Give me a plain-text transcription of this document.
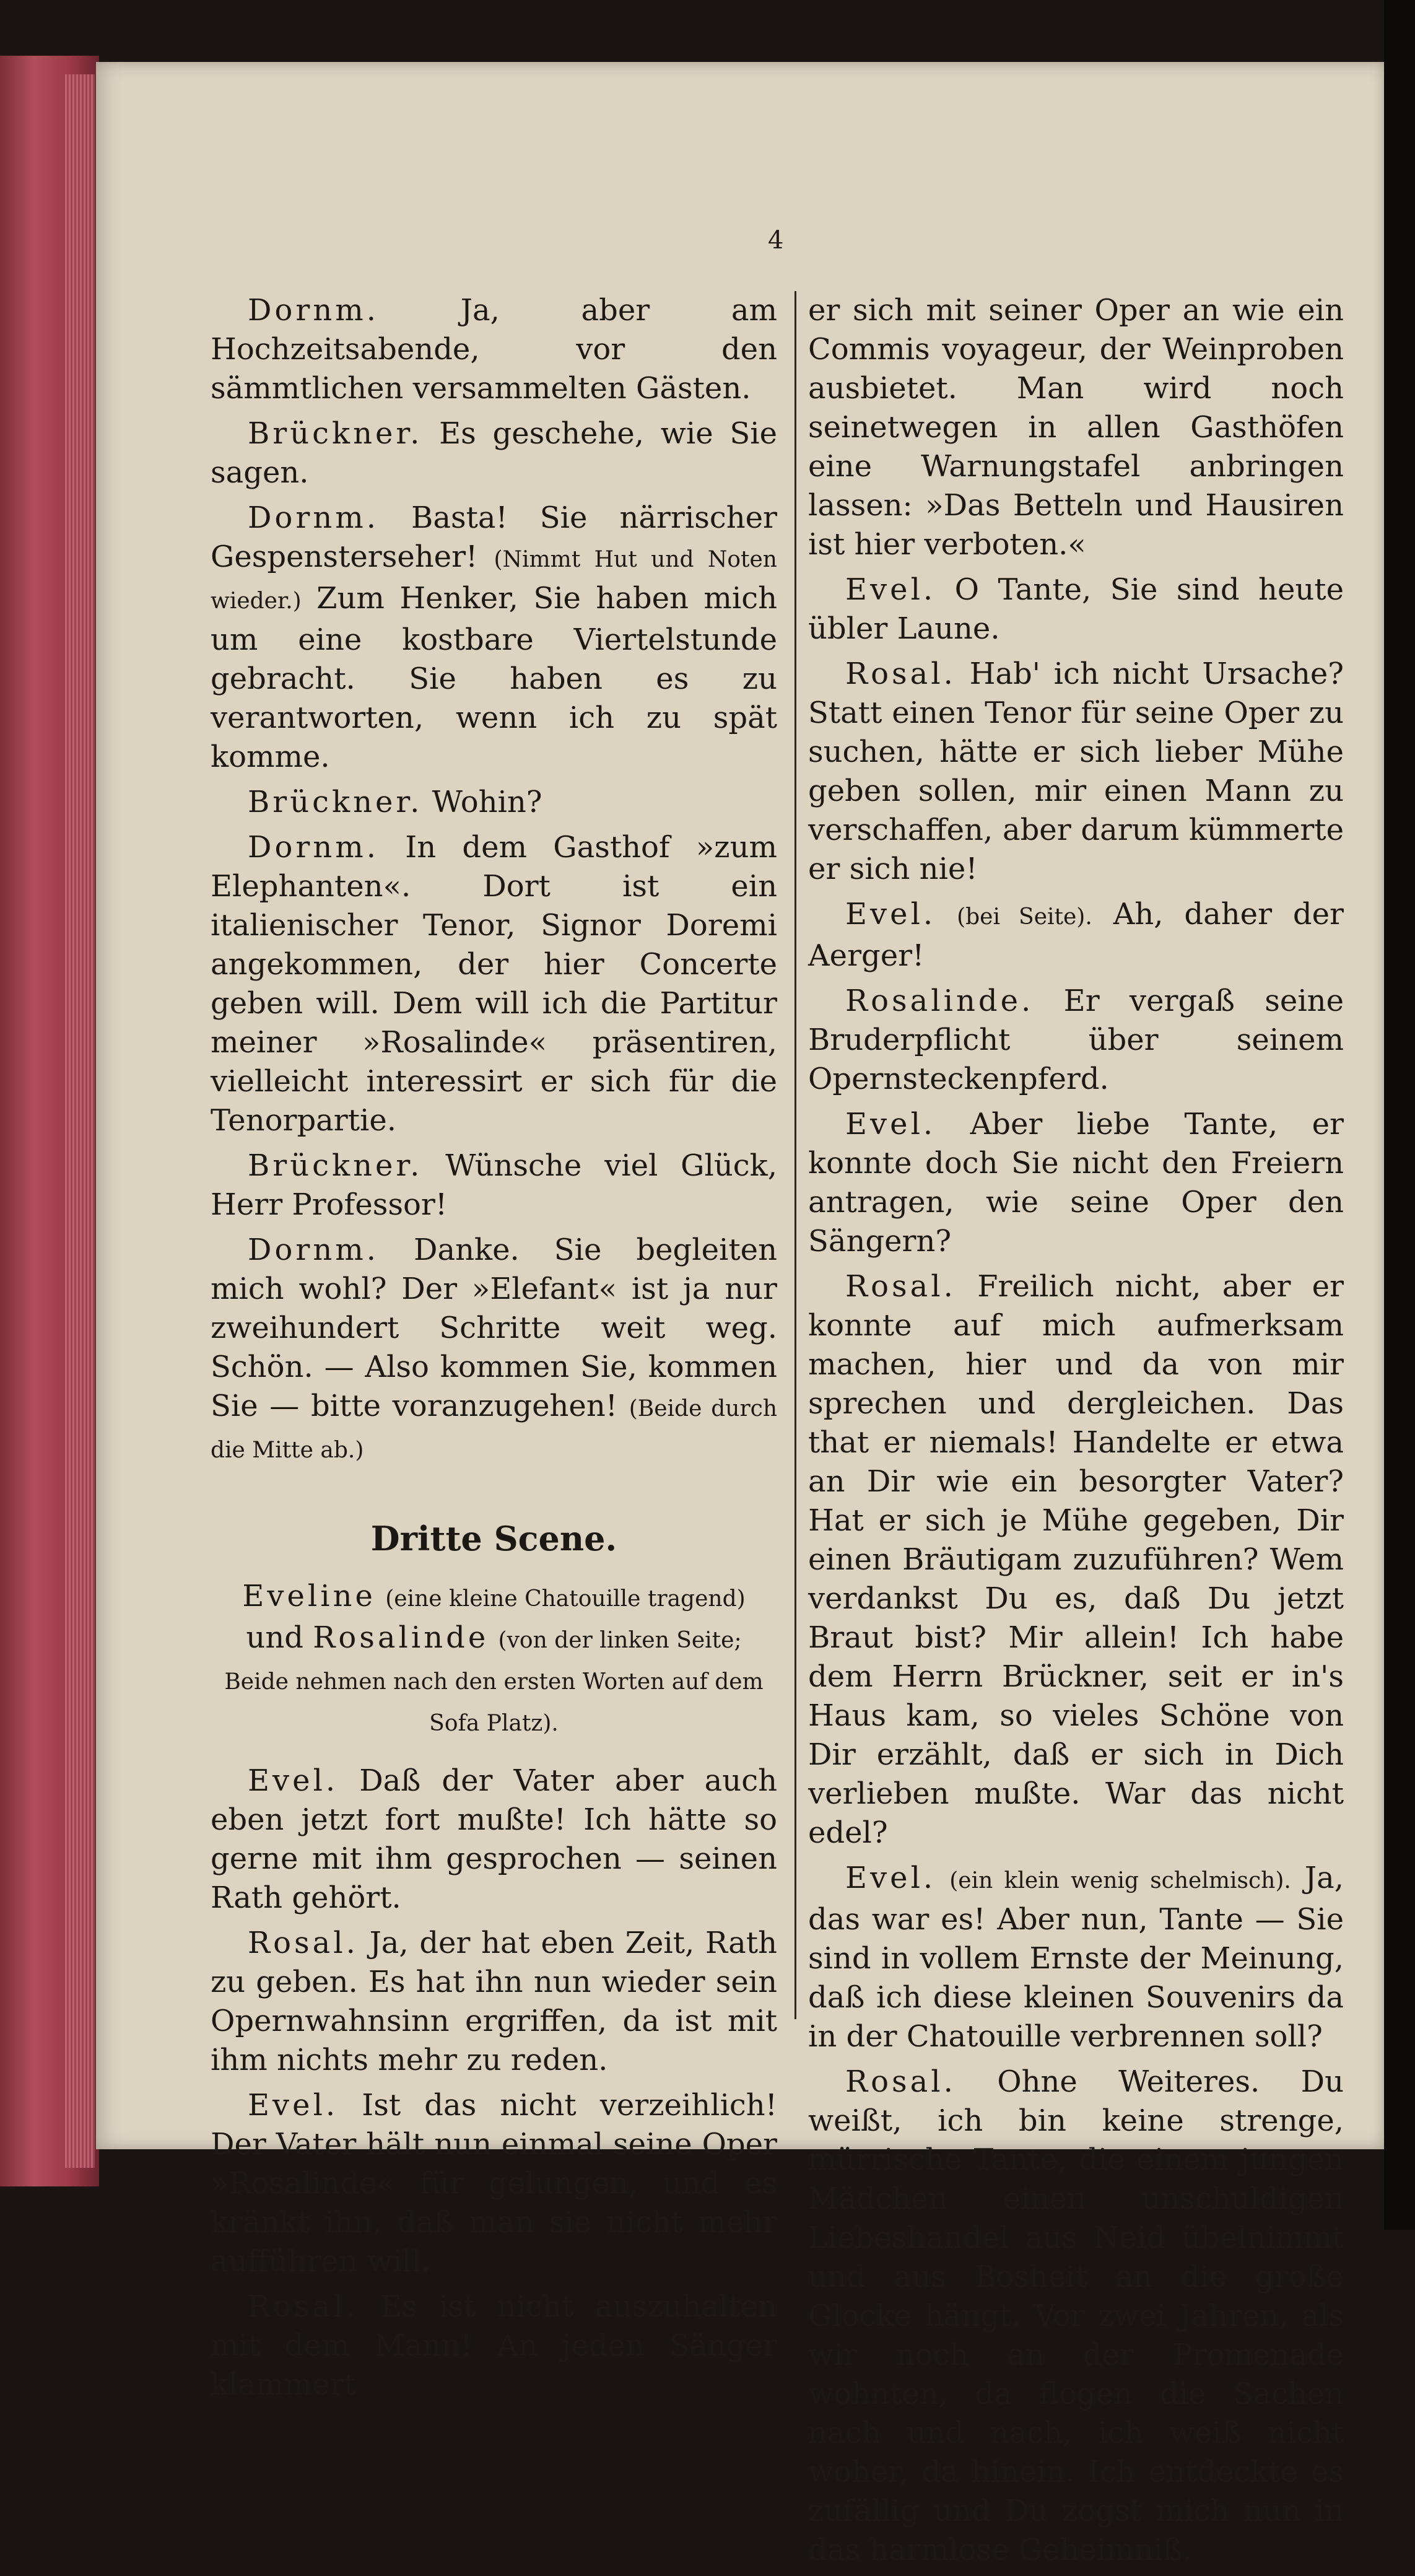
4

Dornm.	Ja, aber am Hochzeitsabende, vor den sämmtlichen versammelten Gästen.

Brückner. Es geschehe, wie Sie sagen.

Dornm. Basta! Sie närrischer Gespensterseher! (Nimmt Hut und Noten wieder.) Zum Henker, Sie haben mich um eine kostbare Viertelstunde gebracht. Sie haben es zu verantworten, wenn ich zu spät komme.

Brückner. Wohin?

Dornm. In dem Gasthof »zum Elephanten«. Dort ist ein italienischer Tenor, Signor Doremi angekommen, der hier Concerte geben will. Dem will ich die Partitur meiner »Rosalinde« präsentiren, vielleicht interessirt er sich für die Tenorpartie.

Brückner. Wünsche viel Glück, Herr Professor!

Dornm. Danke. Sie begleiten mich wohl? Der »Elefant« ist ja nur zweihundert Schritte weit weg. Schön. — Also kommen Sie, kommen Sie — bitte voranzugehen! (Beide durch die Mitte ab.)

Dritte Scene.

Eveline (eine kleine Chatouille tragend) und Rosalinde (von der linken Seite; Beide nehmen nach den ersten Worten auf dem Sofa Platz).

Evel. Daß der Vater aber auch eben jetzt fort mußte! Ich hätte so gerne mit ihm gesprochen — seinen Rath gehört.

Rosal. Ja, der hat eben Zeit, Rath zu geben. Es hat ihn nun wieder sein Opernwahnsinn ergriffen, da ist mit ihm nichts mehr zu reden.

Evel. Ist das nicht verzeihlich! Der Vater hält nun einmal seine Oper »Rosalinde« für gelungen, und es kränkt ihn, daß man sie nicht mehr aufführen will.

Rosal. Es ist nicht auszuhalten mit dem Mann! An jeden Sänger klammert

er sich mit seiner Oper an wie ein Commis voyageur, der Weinproben ausbietet. Man wird noch seinetwegen in allen Gasthöfen eine Warnungstafel anbringen lassen: »Das Betteln und Hausiren ist hier verboten.«

Evel. O Tante, Sie sind heute übler Laune.

Rosal. Hab' ich nicht Ursache? Statt einen Tenor für seine Oper zu suchen, hätte er sich lieber Mühe geben sollen, mir einen Mann zu verschaffen, aber darum kümmerte er sich nie!

Evel. (bei Seite). Ah, daher der Aerger!

Rosalinde. Er vergaß seine Bruderpflicht über seinem Opernsteckenpferd.

Evel. Aber liebe Tante, er konnte doch Sie nicht den Freiern antragen, wie seine Oper den Sängern?

Rosal. Freilich nicht, aber er konnte auf mich aufmerksam machen, hier und da von mir sprechen und dergleichen. Das that er niemals! Handelte er etwa an Dir wie ein besorgter Vater? Hat er sich je Mühe gegeben, Dir einen Bräutigam zuzuführen? Wem verdankst Du es, daß Du jetzt Braut bist? Mir allein! Ich habe dem Herrn Brückner, seit er in's Haus kam, so vieles Schöne von Dir erzählt, daß er sich in Dich verlieben mußte. War das nicht edel?

Evel. (ein klein wenig schelmisch). Ja, das war es! Aber nun, Tante — Sie sind in vollem Ernste der Meinung, daß ich diese kleinen Souvenirs da in der Chatouille verbrennen soll?

Rosal. Ohne Weiteres. Du weißt, ich bin keine strenge, mürrische Tante, die einem jungen Mädchen einen unschuldigen Liebeshandel aus Neid übelnimmt und aus Bosheit an die große Glocke hängt. Vor zwei Jahren, als wir noch an der Promenade wohnten, da flogen die Sachen nach und nach, ich weiß nicht woher, da hinein. Ich entdeckte es zufällig und Du zogst mich nun in das harmlose Geheimniß.
